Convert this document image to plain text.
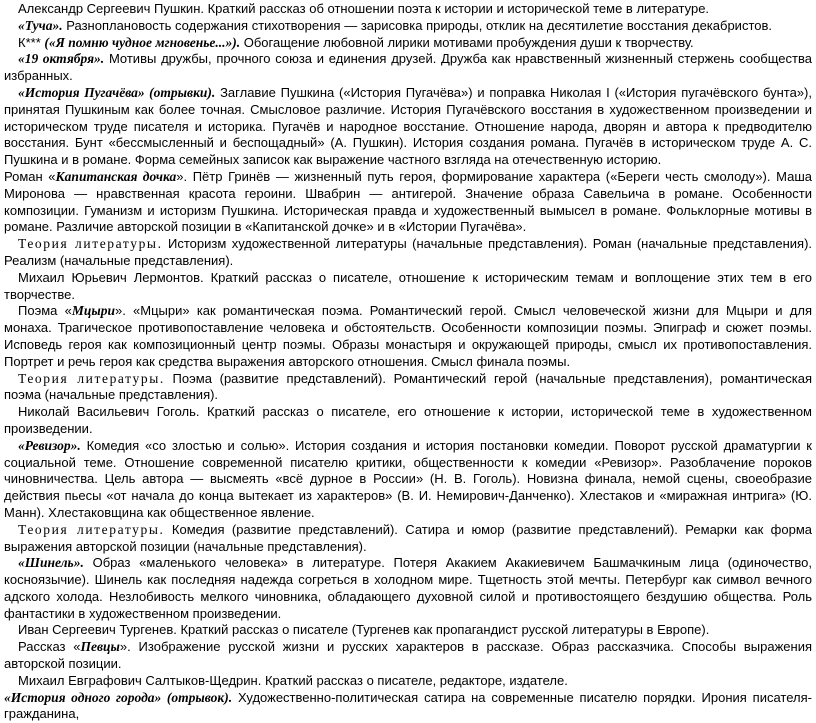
Александр Сергеевич Пушкин. Краткий рассказ об отношении поэта к истории и исторической теме в литературе.

«Туча». Разноплановость содержания стихотворения — зарисовка природы, отклик на десятилетие восстания декабристов.

К*** («Я помню чудное мгновенье...»). Обогащение любовной лирики мотивами пробуждения души к творчеству.

«19 октября». Мотивы дружбы, прочного союза и единения друзей. Дружба как нравственный жизненный стержень сообщества избранных.

«История Пугачёва» (отрывки). Заглавие Пушкина («История Пугачёва») и поправка Николая I («История пугачёвского бунта»), принятая Пушкиным как более точная. Смысловое различие. История Пугачёвского восстания в художественном произведении и историческом труде писателя и историка. Пугачёв и народное восстание. Отношение народа, дворян и автора к предводителю восстания. Бунт «бессмысленный и беспощадный» (А. Пушкин). История создания романа. Пугачёв в историческом труде А. С. Пушкина и в романе. Форма семейных записок как выражение частного взгляда на отечественную историю.

Роман «Капитанская дочка». Пётр Гринёв — жизненный путь героя, формирование характера («Береги честь смолоду»). Маша Миронова — нравственная красота героини. Швабрин — антигерой. Значение образа Савельича в романе. Особенности композиции. Гуманизм и историзм Пушкина. Историческая правда и художественный вымысел в романе. Фольклорные мотивы в романе. Различие авторской позиции в «Капитанской дочке» и в «Истории Пугачёва».

Теория литературы. Историзм художественной литературы (начальные представления). Роман (начальные представления). Реализм (начальные представления).

Михаил Юрьевич Лермонтов. Краткий рассказ о писателе, отношение к историческим темам и воплощение этих тем в его творчестве.

Поэма «Мцыри». «Мцыри» как романтическая поэма. Романтический герой. Смысл человеческой жизни для Мцыри и для монаха. Трагическое противопоставление человека и обстоятельств. Особенности композиции поэмы. Эпиграф и сюжет поэмы. Исповедь героя как композиционный центр поэмы. Образы монастыря и окружающей природы, смысл их противопоставления. Портрет и речь героя как средства выражения авторского отношения. Смысл финала поэмы.

Теория литературы. Поэма (развитие представлений). Романтический герой (начальные представления), романтическая поэма (начальные представления).

Николай Васильевич Гоголь. Краткий рассказ о писателе, его отношение к истории, исторической теме в художественном произведении.

«Ревизор». Комедия «со злостью и солью». История создания и история постановки комедии. Поворот русской драматургии к социальной теме. Отношение современной писателю критики, общественности к комедии «Ревизор». Разоблачение пороков чиновничества. Цель автора — высмеять «всё дурное в России» (Н. В. Гоголь). Новизна финала, немой сцены, своеобразие действия пьесы «от начала до конца вытекает из характеров» (В. И. Немирович-Данченко). Хлестаков и «миражная интрига» (Ю. Манн). Хлестаковщина как общественное явление.

Теория литературы. Комедия (развитие представлений). Сатира и юмор (развитие представлений). Ремарки как форма выражения авторской позиции (начальные представления).

«Шинель». Образ «маленького человека» в литературе. Потеря Акакием Акакиевичем Башмачкиным лица (одиночество, косноязычие). Шинель как последняя надежда согреться в холодном мире. Тщетность этой мечты. Петербург как символ вечного адского холода. Незлобивость мелкого чиновника, обладающего духовной силой и противостоящего бездушию общества. Роль фантастики в художественном произведении.

Иван Сергеевич Тургенев. Краткий рассказ о писателе (Тургенев как пропагандист русской литературы в Европе).

Рассказ «Певцы». Изображение русской жизни и русских характеров в рассказе. Образ рассказчика. Способы выражения авторской позиции.

Михаил Евграфович Салтыков-Щедрин. Краткий рассказ о писателе, редакторе, издателе.

«История одного города» (отрывок). Художественно-политическая сатира на современные писателю порядки. Ирония писателя- гражданина,
